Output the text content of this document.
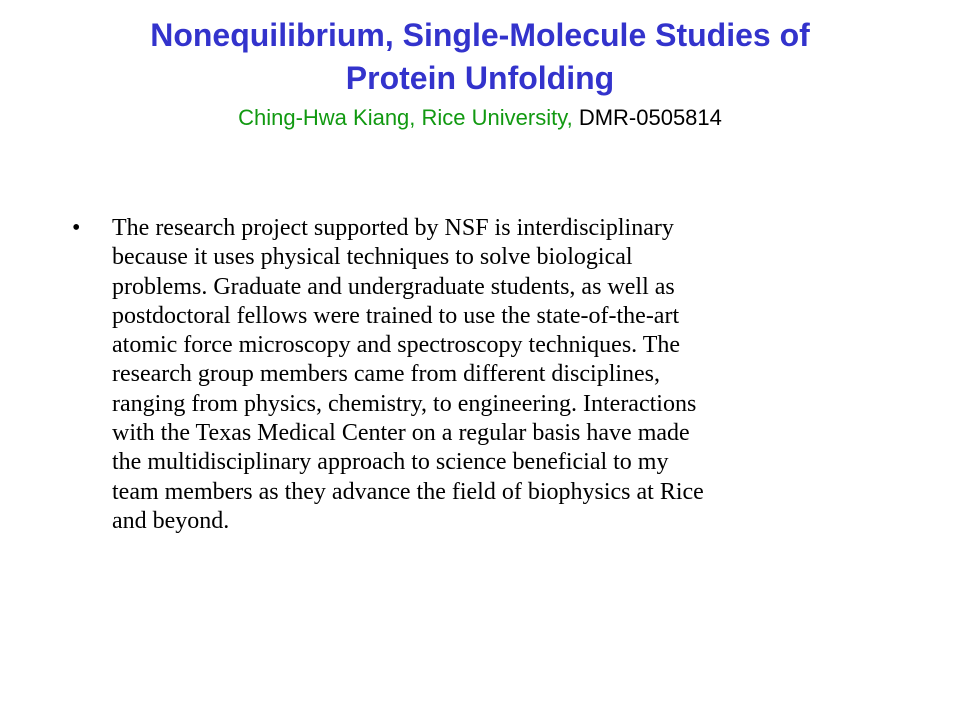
Nonequilibrium, Single-Molecule Studies of
Protein Unfolding
Ching-Hwa Kiang, Rice University, DMR-0505814
• The research project supported by NSF is interdisciplinary
because it uses physical techniques to solve biological
problems. Graduate and undergraduate students, as well as
postdoctoral fellows were trained to use the state-of-the-art
atomic force microscopy and spectroscopy techniques. The
research group members came from different disciplines,
ranging from physics, chemistry, to engineering. Interactions
with the Texas Medical Center on a regular basis have made
the multidisciplinary approach to science beneficial to my
team members as they advance the field of biophysics at Rice
and beyond.
